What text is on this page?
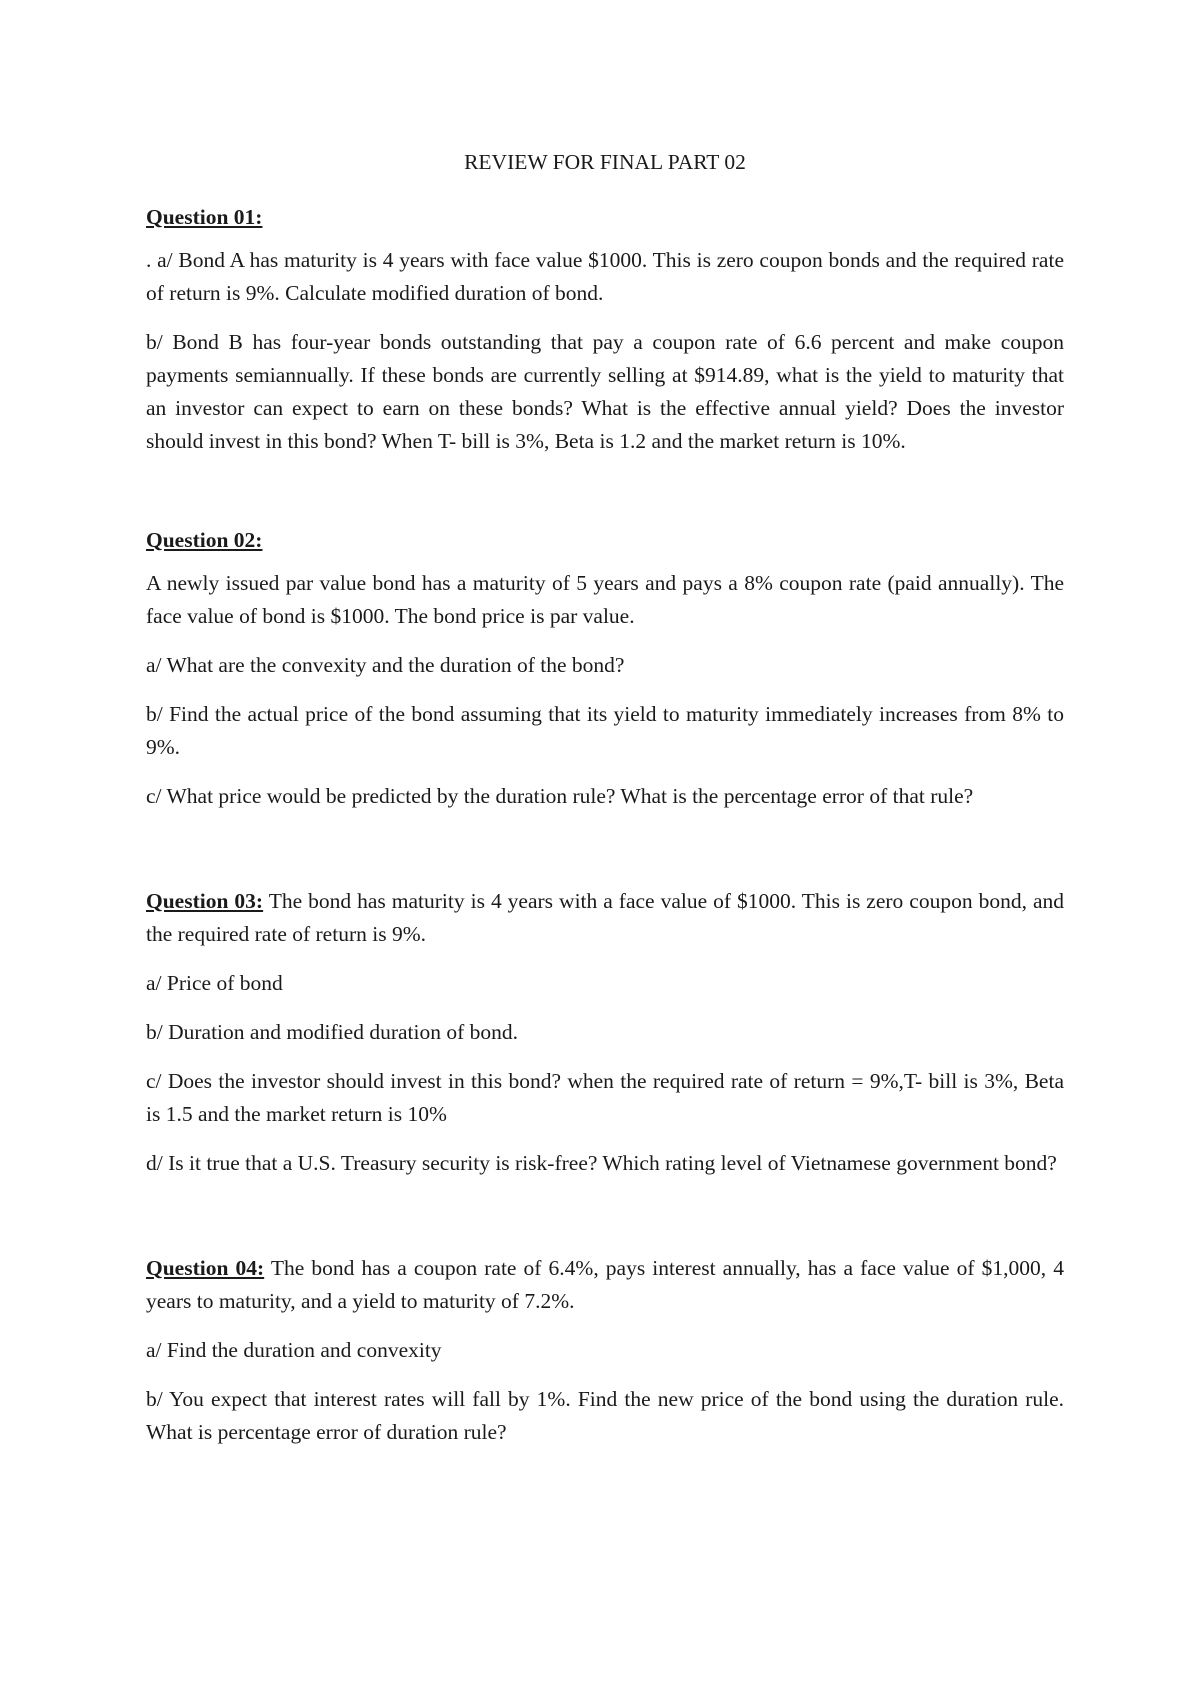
REVIEW FOR FINAL PART 02

Question 01:

. a/ Bond A has maturity is 4 years with face value $1000. This is zero coupon bonds and the required rate of return is 9%. Calculate modified duration of bond.

b/ Bond B has four-year bonds outstanding that pay a coupon rate of 6.6 percent and make coupon payments semiannually. If these bonds are currently selling at $914.89, what is the yield to maturity that an investor can expect to earn on these bonds? What is the effective annual yield? Does the investor should invest in this bond? When T- bill is 3%, Beta is 1.2 and the market return is 10%.

Question 02:

A newly issued par value bond has a maturity of 5 years and pays a 8% coupon rate (paid annually). The face value of bond is $1000. The bond price is par value.

a/ What are the convexity and the duration of the bond?

b/ Find the actual price of the bond assuming that its yield to maturity immediately increases from 8% to 9%.

c/ What price would be predicted by the duration rule? What is the percentage error of that rule?

Question 03: The bond has maturity is 4 years with a face value of $1000. This is zero coupon bond, and the required rate of return is 9%.

a/ Price of bond

b/ Duration and modified duration of bond.

c/ Does the investor should invest in this bond? when the required rate of return = 9%,T- bill is 3%, Beta is 1.5 and the market return is 10%

d/ Is it true that a U.S. Treasury security is risk-free? Which rating level of Vietnamese government bond?

Question 04: The bond has a coupon rate of 6.4%, pays interest annually, has a face value of $1,000, 4 years to maturity, and a yield to maturity of 7.2%.

a/ Find the duration and convexity

b/ You expect that interest rates will fall by 1%. Find the new price of the bond using the duration rule. What is percentage error of duration rule?
